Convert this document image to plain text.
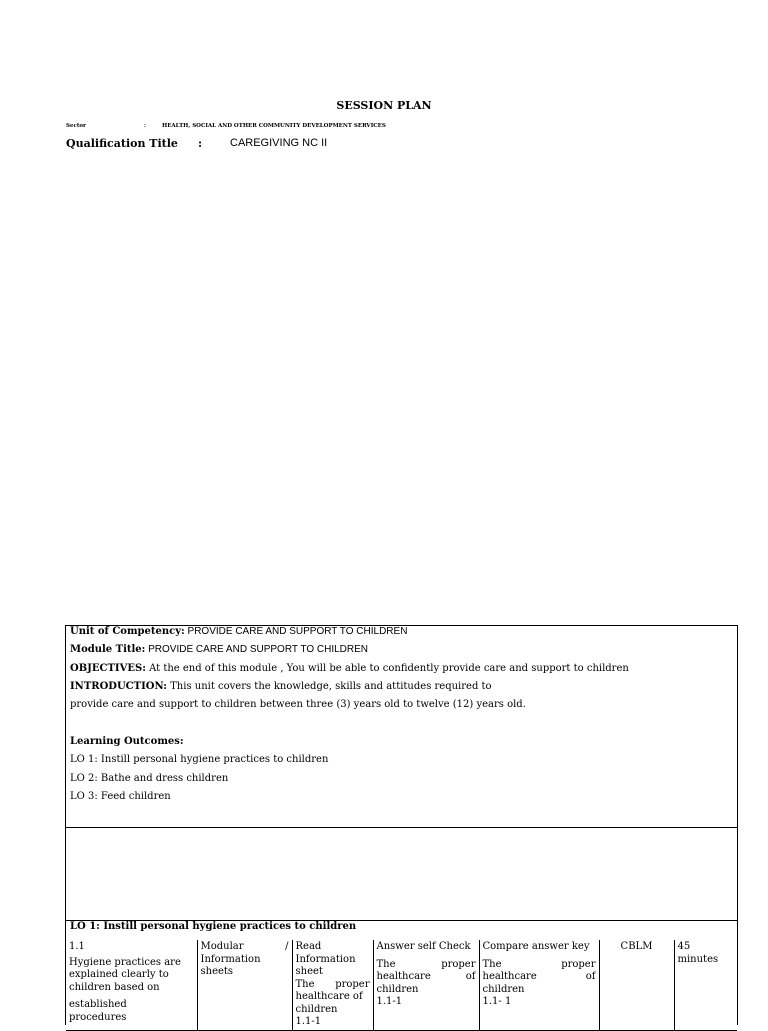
SESSION PLAN
Sector	:	HEALTH, SOCIAL AND OTHER COMMUNITY DEVELOPMENT SERVICES
Qualification Title :	CAREGIVING NC II
Unit of Competency: PROVIDE CARE AND SUPPORT TO CHILDREN
Module Title: PROVIDE CARE AND SUPPORT TO CHILDREN
OBJECTIVES: At the end of this module , You will be able to confidently provide care and support to children
INTRODUCTION: This unit covers the knowledge, skills and attitudes required to
provide care and support to children between three (3) years old to twelve (12) years old.
Learning Outcomes:
LO 1: Instill personal hygiene practices to children
LO 2: Bathe and dress children
LO 3: Feed children
LO 1: Instill personal hygiene practices to children
1.1
Hygiene practices are explained clearly to children based on
established
procedures

Modular /
Information sheets

Read Information sheet
The proper
healthcare of children
1.1-1

Answer self Check
The proper
healthcare of
children
1.1-1

Compare answer key
The proper
healthcare of
children
1.1- 1

CBLM	45 minutes
